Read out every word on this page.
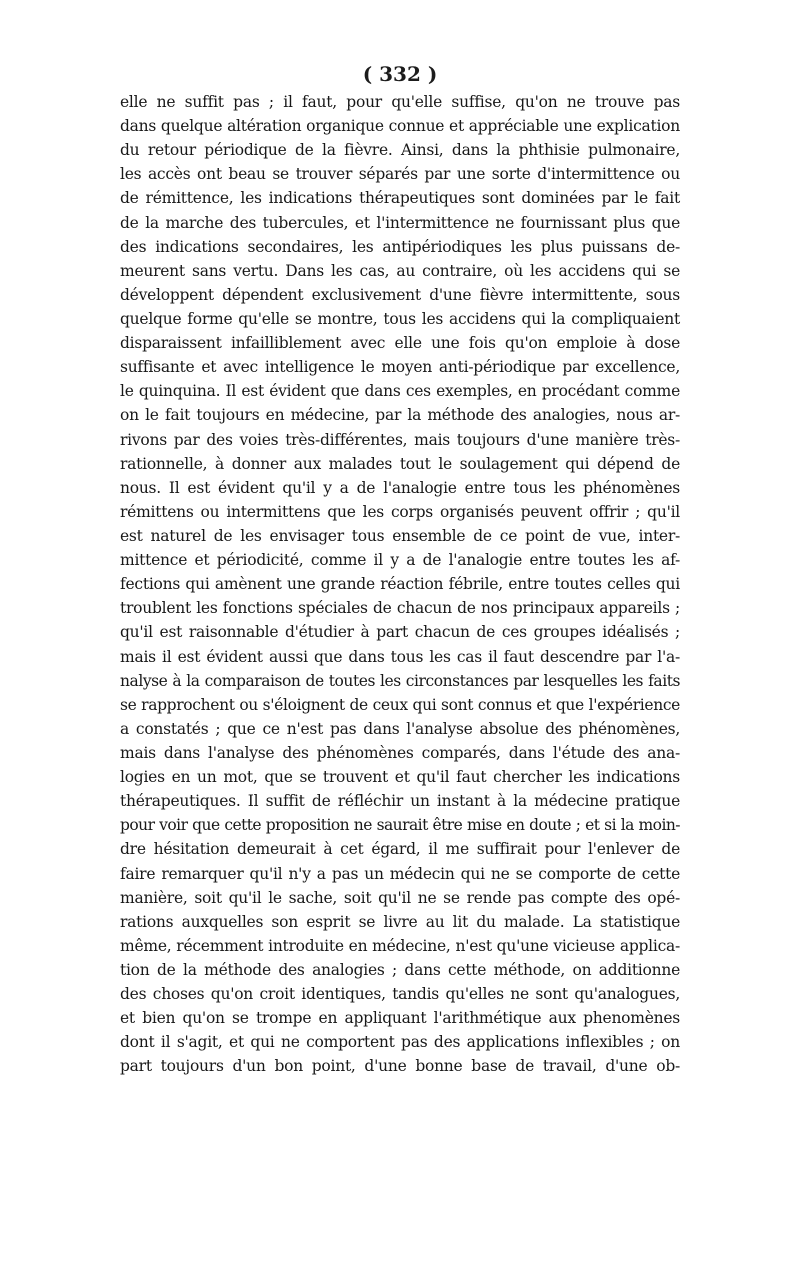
( 332 )
elle ne suffit pas ; il faut, pour qu'elle suffise, qu'on ne trouve pas
dans quelque altération organique connue et appréciable une explication
du retour périodique de la fièvre. Ainsi, dans la phthisie pulmonaire,
les accès ont beau se trouver séparés par une sorte d'intermittence ou
de rémittence, les indications thérapeutiques sont dominées par le fait
de la marche des tubercules, et l'intermittence ne fournissant plus que
des indications secondaires, les antipériodiques les plus puissans de-
meurent sans vertu. Dans les cas, au contraire, où les accidens qui se
développent dépendent exclusivement d'une fièvre intermittente, sous
quelque forme qu'elle se montre, tous les accidens qui la compliquaient
disparaissent infailliblement avec elle une fois qu'on emploie à dose
suffisante et avec intelligence le moyen anti-périodique par excellence,
le quinquina. Il est évident que dans ces exemples, en procédant comme
on le fait toujours en médecine, par la méthode des analogies, nous ar-
rivons par des voies très-différentes, mais toujours d'une manière très-
rationnelle, à donner aux malades tout le soulagement qui dépend de
nous. Il est évident qu'il y a de l'analogie entre tous les phénomènes
rémittens ou intermittens que les corps organisés peuvent offrir ; qu'il
est naturel de les envisager tous ensemble de ce point de vue, inter-
mittence et périodicité, comme il y a de l'analogie entre toutes les af-
fections qui amènent une grande réaction fébrile, entre toutes celles qui
troublent les fonctions spéciales de chacun de nos principaux appareils ;
qu'il est raisonnable d'étudier à part chacun de ces groupes idéalisés ;
mais il est évident aussi que dans tous les cas il faut descendre par l'a-
nalyse à la comparaison de toutes les circonstances par lesquelles les faits
se rapprochent ou s'éloignent de ceux qui sont connus et que l'expérience
a constatés ; que ce n'est pas dans l'analyse absolue des phénomènes,
mais dans l'analyse des phénomènes comparés, dans l'étude des ana-
logies en un mot, que se trouvent et qu'il faut chercher les indications
thérapeutiques. Il suffit de réfléchir un instant à la médecine pratique
pour voir que cette proposition ne saurait être mise en doute ; et si la moin-
dre hésitation demeurait à cet égard, il me suffirait pour l'enlever de
faire remarquer qu'il n'y a pas un médecin qui ne se comporte de cette
manière, soit qu'il le sache, soit qu'il ne se rende pas compte des opé-
rations auxquelles son esprit se livre au lit du malade. La statistique
même, récemment introduite en médecine, n'est qu'une vicieuse applica-
tion de la méthode des analogies ; dans cette méthode, on additionne
des choses qu'on croit identiques, tandis qu'elles ne sont qu'analogues,
et bien qu'on se trompe en appliquant l'arithmétique aux phenomènes
dont il s'agit, et qui ne comportent pas des applications inflexibles ; on
part toujours d'un bon point, d'une bonne base de travail, d'une ob-
